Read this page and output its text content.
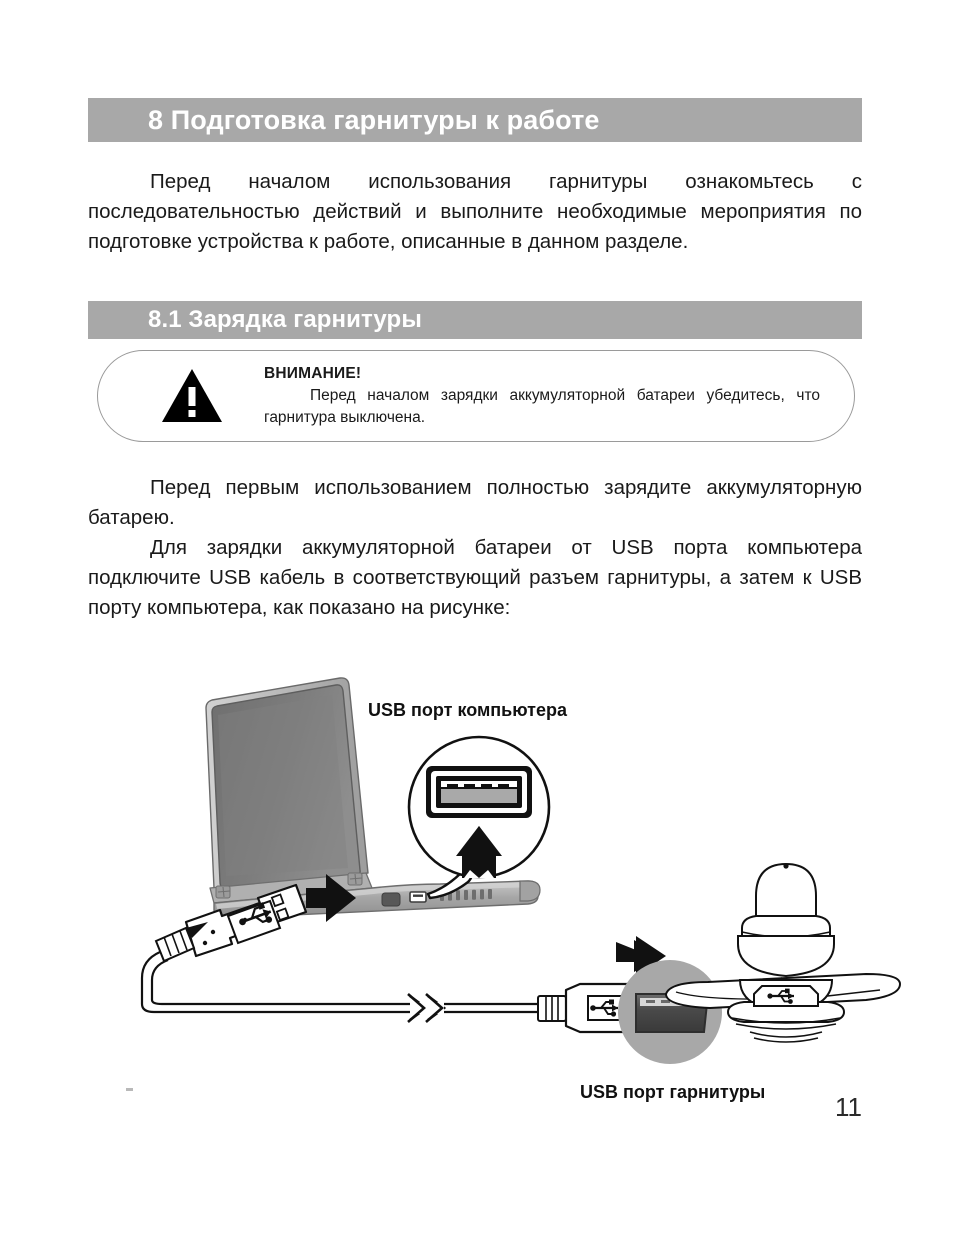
8 Подготовка гарнитуры к работе

Перед началом использования гарнитуры ознакомьтесь с последовательностью действий и выполните необходимые мероприятия по подготовке устройства к работе, описанные в данном разделе.

8.1 Зарядка гарнитуры
ВНИМАНИЕ!
Перед началом зарядки аккумуляторной батареи убедитесь, что гарнитура выключена.

Перед первым использованием полностью зарядите аккумуляторную батарею.

Для зарядки аккумуляторной батареи от USB порта компьютера подключите USB кабель в соответствующий разъем гарнитуры, а затем к USB порту компьютера, как показано на рисунке:

USB порт компьютера
USB порт гарнитуры	11
